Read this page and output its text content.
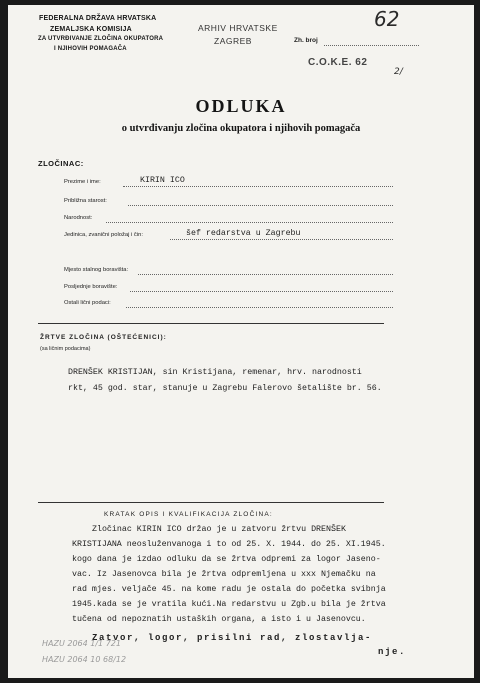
FEDERALNA DRŽAVA HRVATSKA
ZEMALJSKA KOMISIJA
ZA UTVRĐIVANJE ZLOČINA OKUPATORA
I NJIHOVIH POMAGAČA
ARHIV HRVATSKE
ZAGREB
62
Zh. broj
C.O.K.E. 62
2/
ODLUKA
o utvrđivanju zločina okupatora i njihovih pomagača
ZLOČINAC:
Prezime i ime:	KIRIN ICO
Približna starost:
Narodnost:
Jedinica, zvanični položaj i čin:	šef redarstva u Zagrebu
Mjesto stalnog boravišta:
Posljednje boravište:
Ostali lični podaci:
ŽRTVE ZLOČINA (OŠTEĆENICI):
(sa ličnim podacima)
DRENŠEK KRISTIJAN, sin Kristijana, remenar, hrv. narodnosti
rkt, 45 god. star, stanuje u Zagrebu Falerovo šetalište br. 56.
KRATAK OPIS I KVALIFIKACIJA ZLOČINA:
Zločinac KIRIN ICO držao je u zatvoru žrtvu DRENŠEK
KRISTIJANA neosluženvanoga i to od 25. X. 1944. do 25. XI.1945.
kogo dana je izdao odluku da se žrtva odpremi za logor Jaseno-
vac. Iz Jasenovca bila je žrtva odpremljena u xxx Njemačku na
rad mjes. veljače 45. na kome radu je ostala do početka svibnja
1945.kada se je vratila kući.Na redarstvu u Zgb.u bila je žrtva
tučena od nepoznatih ustaških organa, a isto i u Jasenovcu.
Zatvor, logor, prisilni rad, zlostavlja-
nje.
HAZU 2064 1/1 721
HAZU 2064 10 68/12
